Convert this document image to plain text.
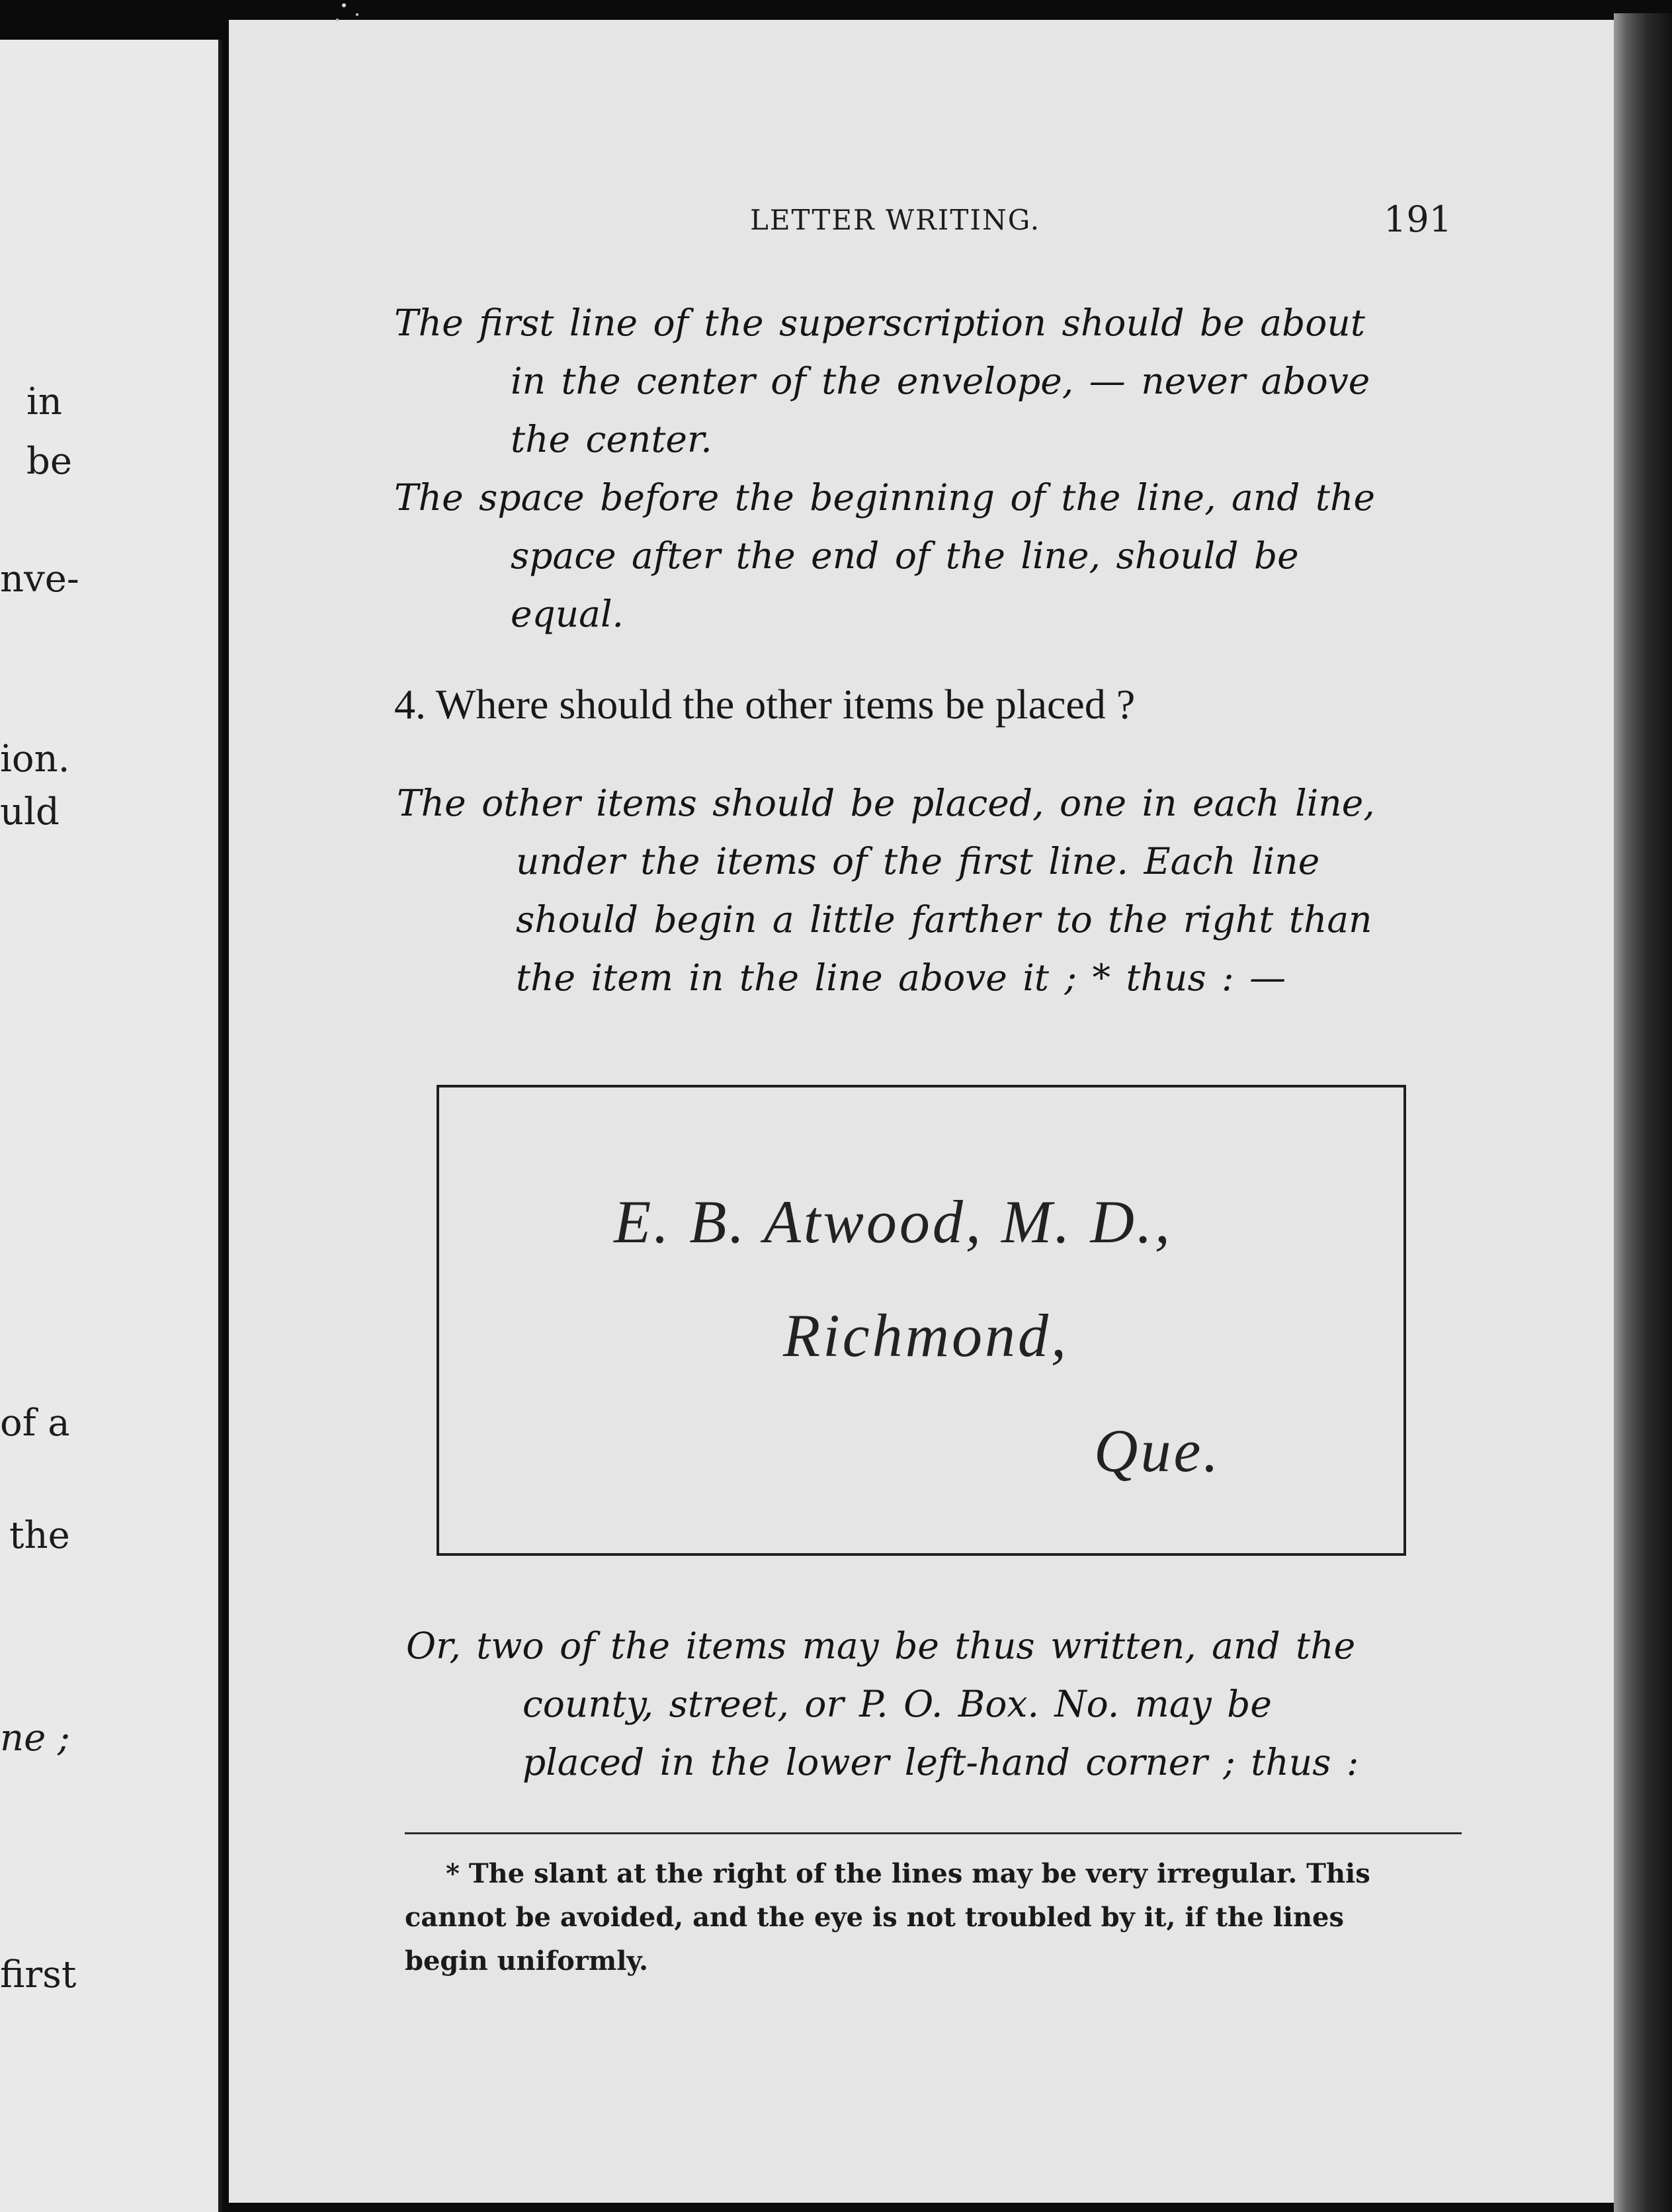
in
be
nve-
ion.
uld
of a
the
ne ;
first
LETTER WRITING.	191
The first line of the superscription should be about
in the center of the envelope, — never above
the center.
The space before the beginning of the line, and the
space after the end of the line, should be
equal.
4. Where should the other items be placed ?
The other items should be placed, one in each line,
under the items of the first line. Each line
should begin a little farther to the right than
the item in the line above it ; * thus : —
E. B. Atwood, M. D.,
Richmond,
Que.
Or, two of the items may be thus written, and the
county, street, or P. O. Box. No. may be
placed in the lower left-hand corner ; thus :
* The slant at the right of the lines may be very irregular. This
cannot be avoided, and the eye is not troubled by it, if the lines
begin uniformly.
